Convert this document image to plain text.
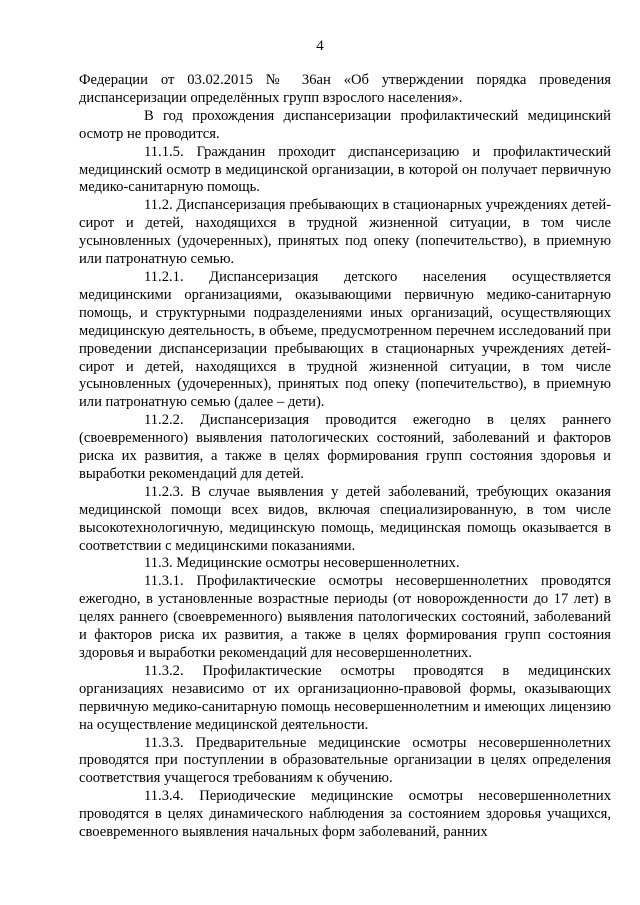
4

Федерации от 03.02.2015 № 36ан «Об утверждении порядка проведения диспансеризации определённых групп взрослого населения».

В год прохождения диспансеризации профилактический медицинский осмотр не проводится.

11.1.5. Гражданин проходит диспансеризацию и профилактический медицинский осмотр в медицинской организации, в которой он получает первичную медико-санитарную помощь.

11.2. Диспансеризация пребывающих в стационарных учреждениях детей-сирот и детей, находящихся в трудной жизненной ситуации, в том числе усыновленных (удочеренных), принятых под опеку (попечительство), в приемную или патронатную семью.

11.2.1. Диспансеризация детского населения осуществляется медицинскими организациями, оказывающими первичную медико-санитарную помощь, и структурными подразделениями иных организаций, осуществляющих медицинскую деятельность, в объеме, предусмотренном перечнем исследований при проведении диспансеризации пребывающих в стационарных учреждениях детей-сирот и детей, находящихся в трудной жизненной ситуации, в том числе усыновленных (удочеренных), принятых под опеку (попечительство), в приемную или патронатную семью (далее – дети).

11.2.2. Диспансеризация проводится ежегодно в целях раннего (своевременного) выявления патологических состояний, заболеваний и факторов риска их развития, а также в целях формирования групп состояния здоровья и выработки рекомендаций для детей.

11.2.3. В случае выявления у детей заболеваний, требующих оказания медицинской помощи всех видов, включая специализированную, в том числе высокотехнологичную, медицинскую помощь, медицинская помощь оказывается в соответствии с медицинскими показаниями.

11.3. Медицинские осмотры несовершеннолетних.

11.3.1. Профилактические осмотры несовершеннолетних проводятся ежегодно, в установленные возрастные периоды (от новорожденности до 17 лет) в целях раннего (своевременного) выявления патологических состояний, заболеваний и факторов риска их развития, а также в целях формирования групп состояния здоровья и выработки рекомендаций для несовершеннолетних.

11.3.2. Профилактические осмотры проводятся в медицинских организациях независимо от их организационно-правовой формы, оказывающих первичную медико-санитарную помощь несовершеннолетним и имеющих лицензию на осуществление медицинской деятельности.

11.3.3. Предварительные медицинские осмотры несовершеннолетних проводятся при поступлении в образовательные организации в целях определения соответствия учащегося требованиям к обучению.

11.3.4. Периодические медицинские осмотры несовершеннолетних проводятся в целях динамического наблюдения за состоянием здоровья учащихся, своевременного выявления начальных форм заболеваний, ранних
